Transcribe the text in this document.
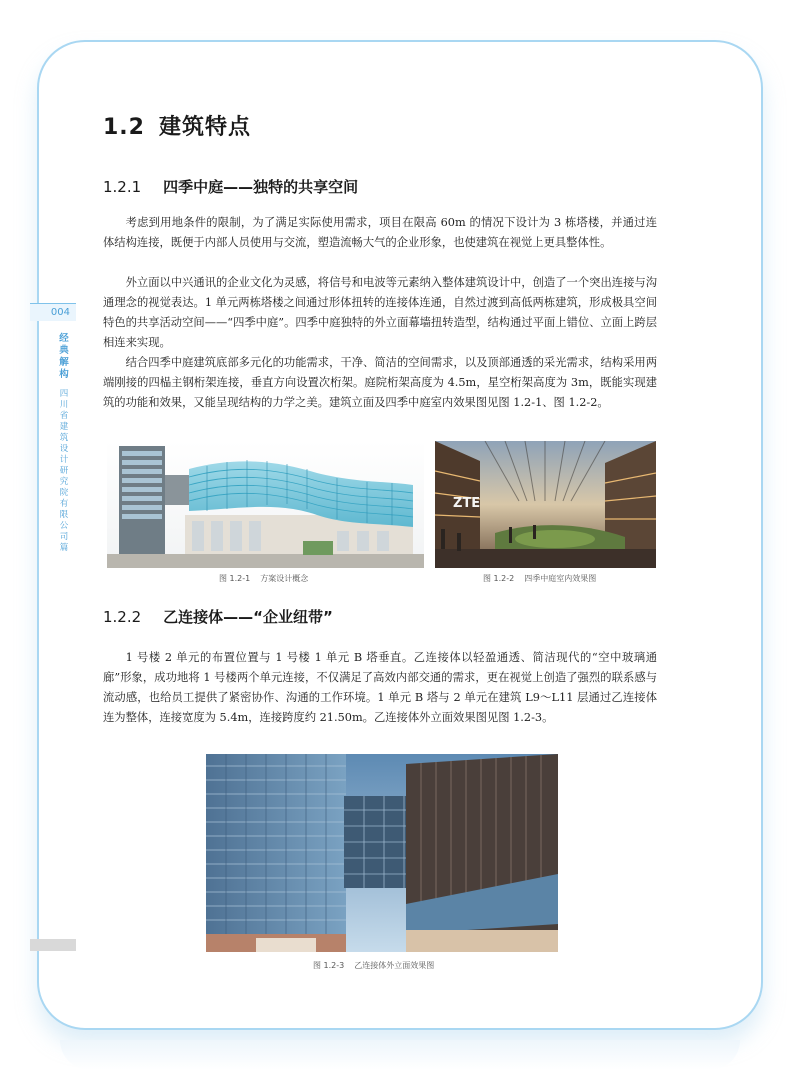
004
经典解构
四川省建筑设计研究院有限公司篇
1.2 建筑特点
1.2.1 四季中庭——独特的共享空间

考虑到用地条件的限制，为了满足实际使用需求，项目在限高 60m 的情况下设计为 3 栋塔楼，并通过连体结构连接，既便于内部人员使用与交流，塑造流畅大气的企业形象，也使建筑在视觉上更具整体性。

外立面以中兴通讯的企业文化为灵感，将信号和电波等元素纳入整体建筑设计中，创造了一个突出连接与沟通理念的视觉表达。1 单元两栋塔楼之间通过形体扭转的连接体连通，自然过渡到高低两栋建筑，形成极具空间特色的共享活动空间——“四季中庭”。四季中庭独特的外立面幕墙扭转造型，结构通过平面上错位、立面上跨层相连来实现。

结合四季中庭建筑底部多元化的功能需求，干净、简洁的空间需求，以及顶部通透的采光需求，结构采用两端刚接的四榀主钢桁架连接，垂直方向设置次桁架。庭院桁架高度为 4.5m，星空桁架高度为 3m，既能实现建筑的功能和效果，又能呈现结构的力学之美。建筑立面及四季中庭室内效果图见图 1.2-1、图 1.2-2。

图 1.2-1 方案设计概念
ZTE
图 1.2-2 四季中庭室内效果图
1.2.2 乙连接体——“企业纽带”

1 号楼 2 单元的布置位置与 1 号楼 1 单元 B 塔垂直。乙连接体以轻盈通透、简洁现代的“空中玻璃通廊”形象，成功地将 1 号楼两个单元连接，不仅满足了高效内部交通的需求，更在视觉上创造了强烈的联系感与流动感，也给员工提供了紧密协作、沟通的工作环境。1 单元 B 塔与 2 单元在建筑 L9～L11 层通过乙连接体连为整体，连接宽度为 5.4m，连接跨度约 21.50m。乙连接体外立面效果图见图 1.2-3。

图 1.2-3 乙连接体外立面效果图
